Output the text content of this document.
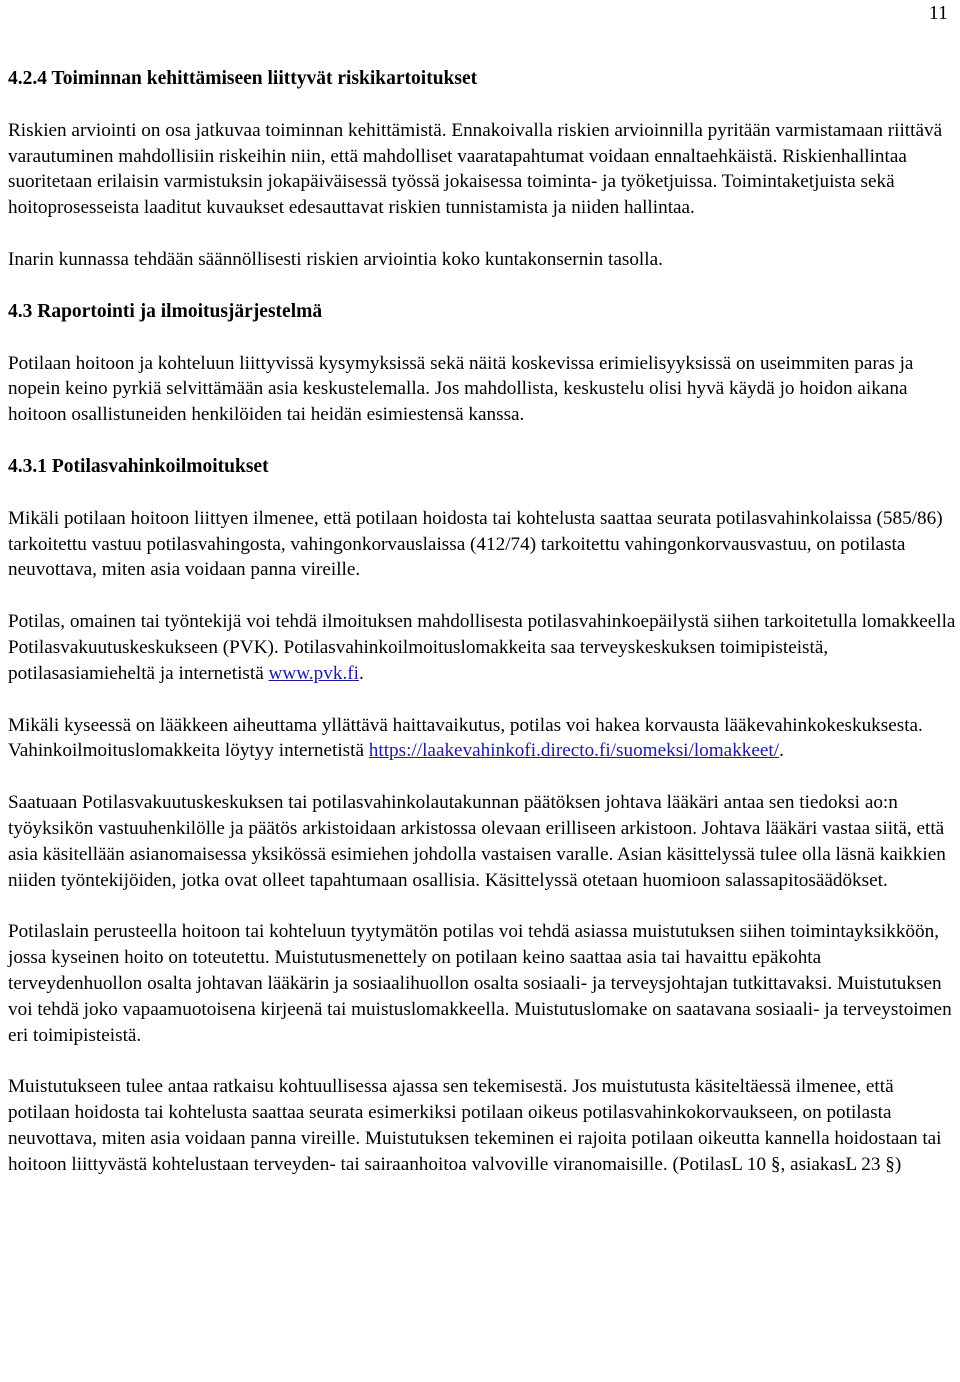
11
4.2.4 Toiminnan kehittämiseen liittyvät riskikartoitukset

Riskien arviointi on osa jatkuvaa toiminnan kehittämistä. Ennakoivalla riskien arvioinnilla pyritään varmistamaan riittävä varautuminen mahdollisiin riskeihin niin, että mahdolliset vaaratapahtumat voidaan ennaltaehkäistä. Riskienhallintaa suoritetaan erilaisin varmistuksin jokapäiväisessä työssä jokaisessa toiminta- ja työketjuissa. Toimintaketjuista sekä hoitoprosesseista laaditut kuvaukset edesauttavat riskien tunnistamista ja niiden hallintaa.

Inarin kunnassa tehdään säännöllisesti riskien arviointia koko kuntakonsernin tasolla.

4.3 Raportointi ja ilmoitusjärjestelmä

Potilaan hoitoon ja kohteluun liittyvissä kysymyksissä sekä näitä koskevissa erimielisyyksissä on useimmiten paras ja nopein keino pyrkiä selvittämään asia keskustelemalla. Jos mahdollista, keskustelu olisi hyvä käydä jo hoidon aikana hoitoon osallistuneiden henkilöiden tai heidän esimiestensä kanssa.

4.3.1 Potilasvahinkoilmoitukset

Mikäli potilaan hoitoon liittyen ilmenee, että potilaan hoidosta tai kohtelusta saattaa seurata potilasvahinkolaissa (585/86) tarkoitettu vastuu potilasvahingosta, vahingonkorvauslaissa (412/74) tarkoitettu vahingonkorvausvastuu, on potilasta neuvottava, miten asia voidaan panna vireille.

Potilas, omainen tai työntekijä voi tehdä ilmoituksen mahdollisesta potilasvahinkoepäilystä siihen tarkoitetulla lomakkeella Potilasvakuutuskeskukseen (PVK). Potilasvahinkoilmoituslomakkeita saa terveyskeskuksen toimipisteistä, potilasasiamieheltä ja internetistä www.pvk.fi.

Mikäli kyseessä on lääkkeen aiheuttama yllättävä haittavaikutus, potilas voi hakea korvausta lääkevahinkokeskuksesta. Vahinkoilmoituslomakkeita löytyy internetistä https://laakevahinkofi.directo.fi/suomeksi/lomakkeet/.

Saatuaan Potilasvakuutuskeskuksen tai potilasvahinkolautakunnan päätöksen johtava lääkäri antaa sen tiedoksi ao:n työyksikön vastuuhenkilölle ja päätös arkistoidaan arkistossa olevaan erilliseen arkistoon. Johtava lääkäri vastaa siitä, että asia käsitellään asianomaisessa yksikössä esimiehen johdolla vastaisen varalle. Asian käsittelyssä tulee olla läsnä kaikkien niiden työntekijöiden, jotka ovat olleet tapahtumaan osallisia. Käsittelyssä otetaan huomioon salassapitosäädökset.

Potilaslain perusteella hoitoon tai kohteluun tyytymätön potilas voi tehdä asiassa muistutuksen siihen toimintayksikköön, jossa kyseinen hoito on toteutettu. Muistutusmenettely on potilaan keino saattaa asia tai havaittu epäkohta terveydenhuollon osalta johtavan lääkärin ja sosiaalihuollon osalta sosiaali- ja terveysjohtajan tutkittavaksi. Muistutuksen voi tehdä joko vapaamuotoisena kirjeenä tai muistuslomakkeella. Muistutuslomake on saatavana sosiaali- ja terveystoimen eri toimipisteistä.

Muistutukseen tulee antaa ratkaisu kohtuullisessa ajassa sen tekemisestä. Jos muistutusta käsiteltäessä ilmenee, että potilaan hoidosta tai kohtelusta saattaa seurata esimerkiksi potilaan oikeus potilasvahinkokorvaukseen, on potilasta neuvottava, miten asia voidaan panna vireille. Muistutuksen tekeminen ei rajoita potilaan oikeutta kannella hoidostaan tai hoitoon liittyvästä kohtelustaan terveyden- tai sairaanhoitoa valvoville viranomaisille. (PotilasL 10 §, asiakasL 23 §)
